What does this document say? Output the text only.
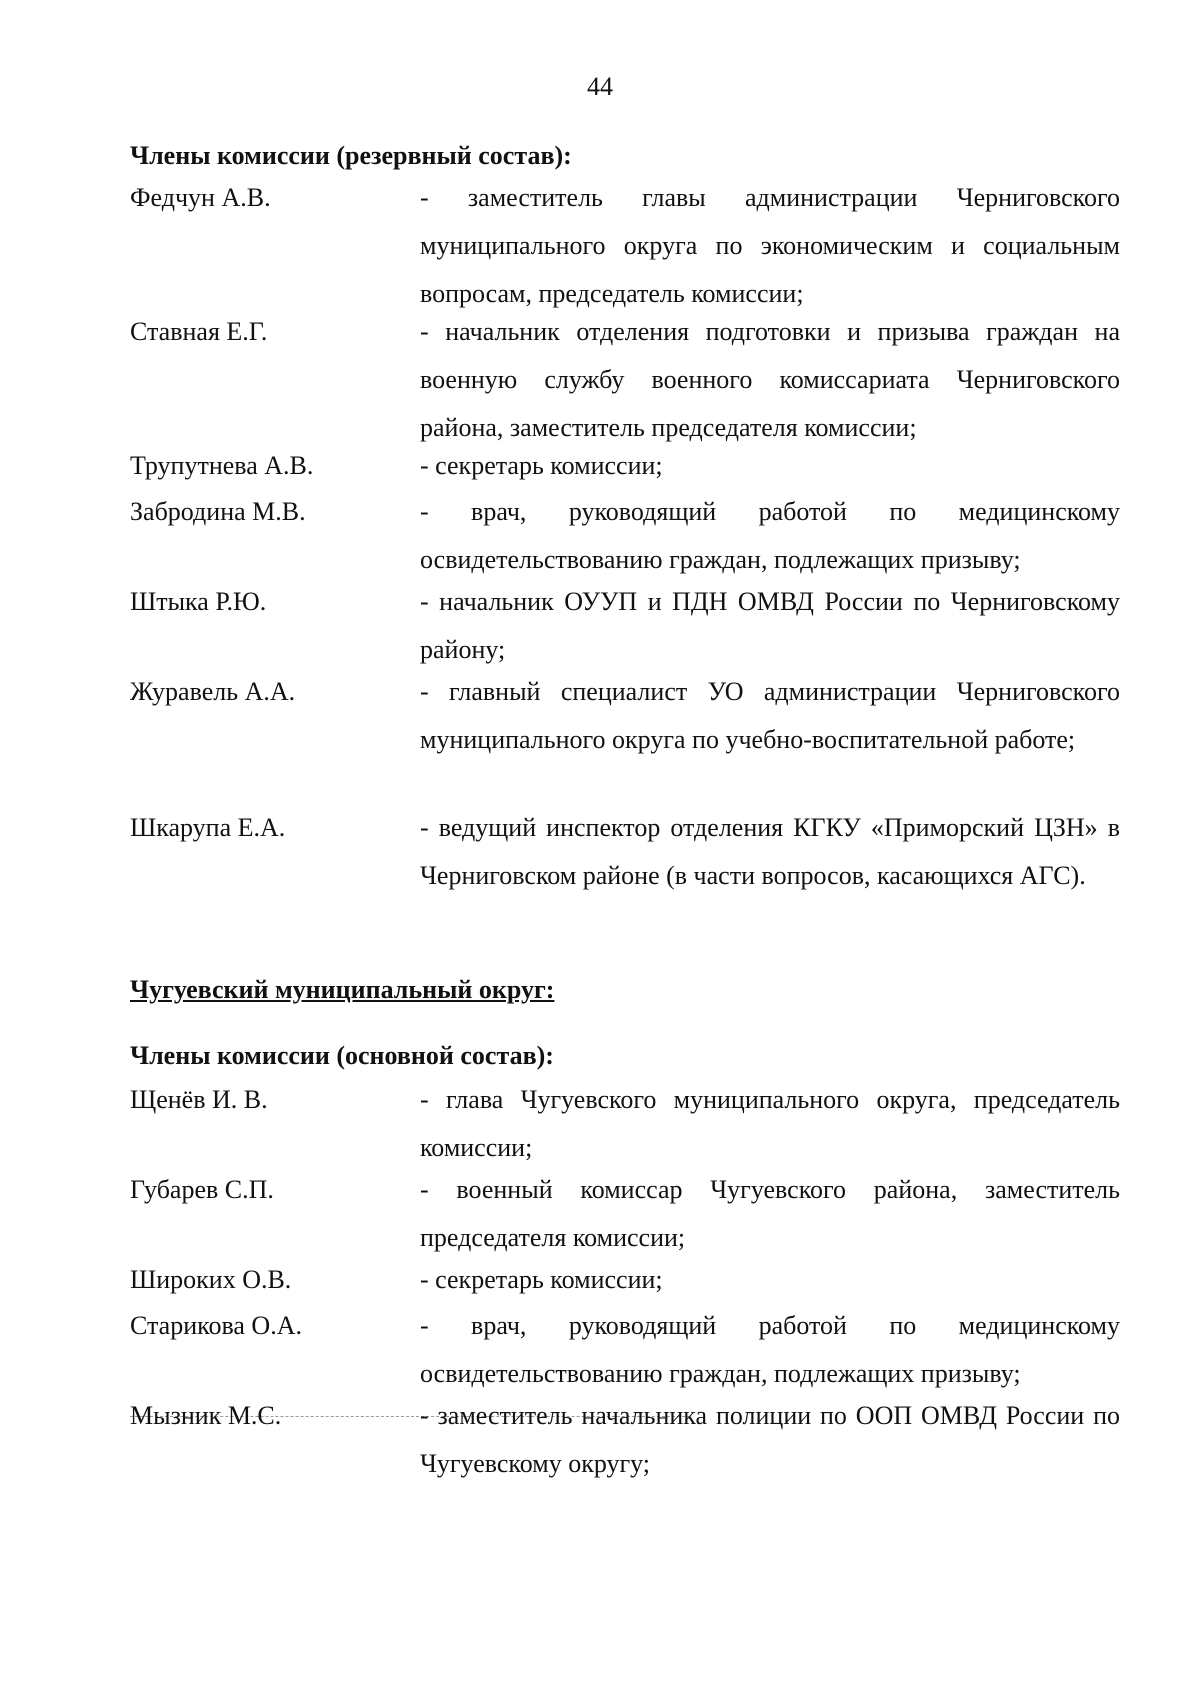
44
Члены комиссии (резервный состав):
Федчун А.В.	- заместитель главы администрации Черниговского муниципального округа по экономическим и социальным вопросам, председатель комиссии;
Ставная Е.Г.	- начальник отделения подготовки и призыва граждан на военную службу военного комиссариата Черниговского района, заместитель председателя комиссии;
Трупутнева А.В.	- секретарь комиссии;
Забродина М.В.	- врач, руководящий работой по медицинскому освидетельствованию граждан, подлежащих призыву;
Штыка Р.Ю.	- начальник ОУУП и ПДН ОМВД России по Черниговскому району;
Журавель А.А.	- главный специалист УО администрации Черниговского муниципального округа по учебно-воспитательной работе;
Шкарупа Е.А.	- ведущий инспектор отделения КГКУ «Приморский ЦЗН» в Черниговском районе (в части вопросов, касающихся АГС).
Чугуевский муниципальный округ:
Члены комиссии (основной состав):
Щенёв И. В.	- глава Чугуевского муниципального округа, председатель комиссии;
Губарев С.П.	- военный комиссар Чугуевского района, заместитель председателя комиссии;
Широких О.В.	- секретарь комиссии;
Старикова О.А.	- врач, руководящий работой по медицинскому освидетельствованию граждан, подлежащих призыву;
Мызник М.С.	- заместитель начальника полиции по ООП ОМВД России по Чугуевскому округу;
